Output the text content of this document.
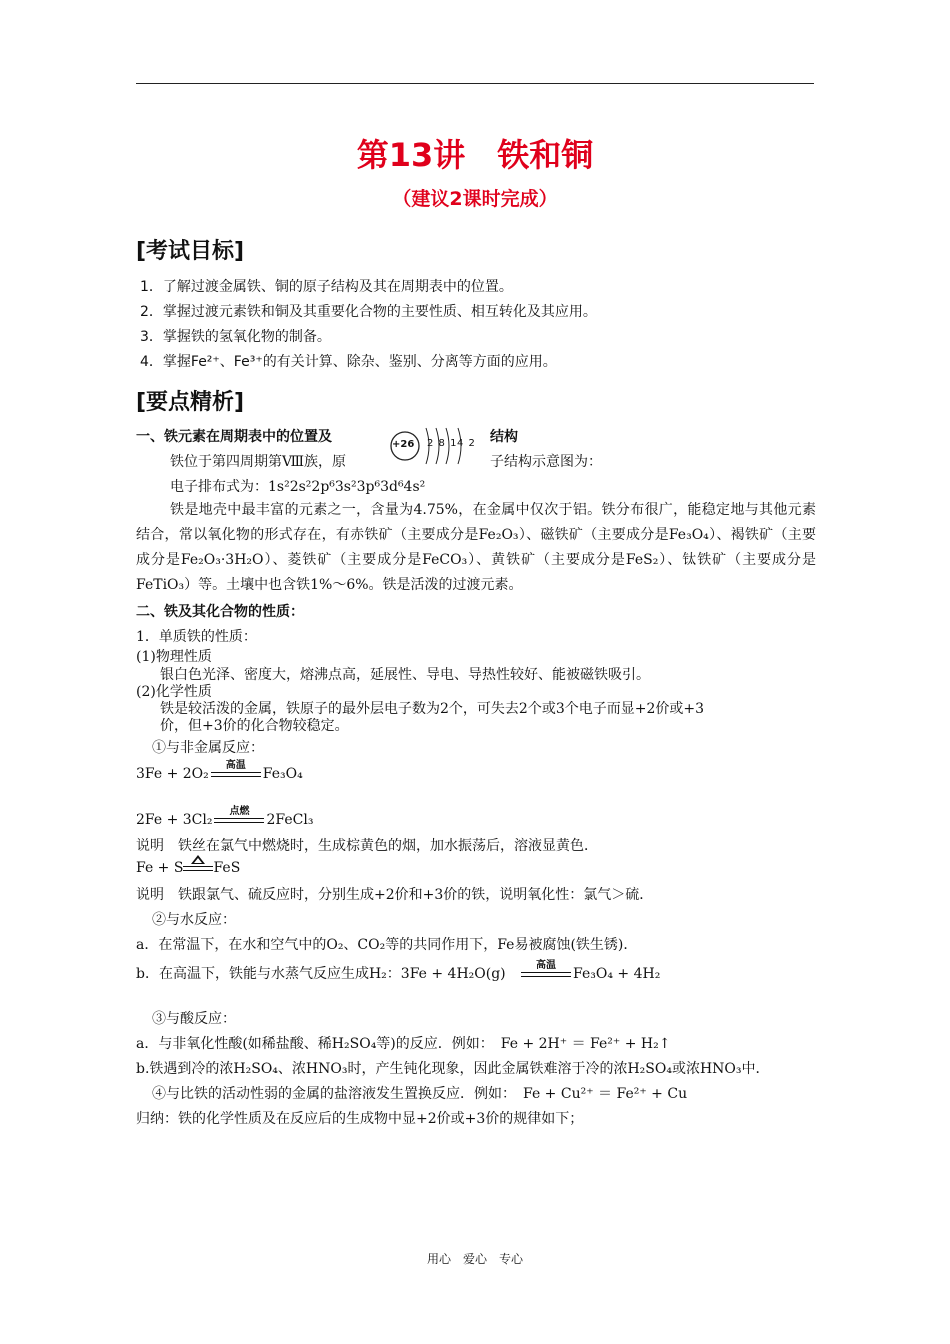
第13讲　铁和铜
（建议2课时完成）
[考试目标]
1．了解过渡金属铁、铜的原子结构及其在周期表中的位置。
2．掌握过渡元素铁和铜及其重要化合物的主要性质、相互转化及其应用。
3．掌握铁的氢氧化物的制备。
4．掌握Fe²⁺、Fe³⁺的有关计算、除杂、鉴别、分离等方面的应用。
[要点精析]
一、铁元素在周期表中的位置及	结构
+26 2 8 14 2
铁位于第四周期第Ⅷ族，原	子结构示意图为：
电子排布式为：1s²2s²2p⁶3s²3p⁶3d⁶4s²
铁是地壳中最丰富的元素之一，含量为4.75%，在金属中仅次于铝。铁分布很广，能稳定地与其他元素结合，常以氧化物的形式存在，有赤铁矿（主要成分是Fe₂O₃）、磁铁矿（主要成分是Fe₃O₄）、褐铁矿（主要成分是Fe₂O₃·3H₂O）、菱铁矿（主要成分是FeCO₃）、黄铁矿（主要成分是FeS₂）、钛铁矿（主要成分是FeTiO₃）等。土壤中也含铁1%～6%。铁是活泼的过渡元素。
二、铁及其化合物的性质：
1．单质铁的性质：
(1)物理性质
银白色光泽、密度大，熔沸点高，延展性、导电、导热性较好、能被磁铁吸引。
(2)化学性质
铁是较活泼的金属，铁原子的最外层电子数为2个，可失去2个或3个电子而显+2价或+3
价，但+3价的化合物较稳定。
①与非金属反应：
3Fe + 2O₂
高温
Fe₃O₄
2Fe + 3Cl₂
点燃
2FeCl₃
说明　铁丝在氯气中燃烧时，生成棕黄色的烟，加水振荡后，溶液显黄色．
Fe + S FeS
说明　铁跟氯气、硫反应时，分别生成+2价和+3价的铁，说明氧化性：氯气＞硫．
②与水反应：
a．在常温下，在水和空气中的O₂、CO₂等的共同作用下，Fe易被腐蚀(铁生锈)．
b．在高温下，铁能与水蒸气反应生成H₂：3Fe + 4H₂O(g)
高温
Fe₃O₄ + 4H₂
③与酸反应：
a．与非氧化性酸(如稀盐酸、稀H₂SO₄等)的反应．例如：　Fe + 2H⁺ ＝ Fe²⁺ + H₂↑
b.铁遇到冷的浓H₂SO₄、浓HNO₃时，产生钝化现象，因此金属铁难溶于冷的浓H₂SO₄或浓HNO₃中．
④与比铁的活动性弱的金属的盐溶液发生置换反应．例如：　Fe + Cu²⁺ ＝ Fe²⁺ + Cu
归纳：铁的化学性质及在反应后的生成物中显+2价或+3价的规律如下；
用心　爱心　专心
